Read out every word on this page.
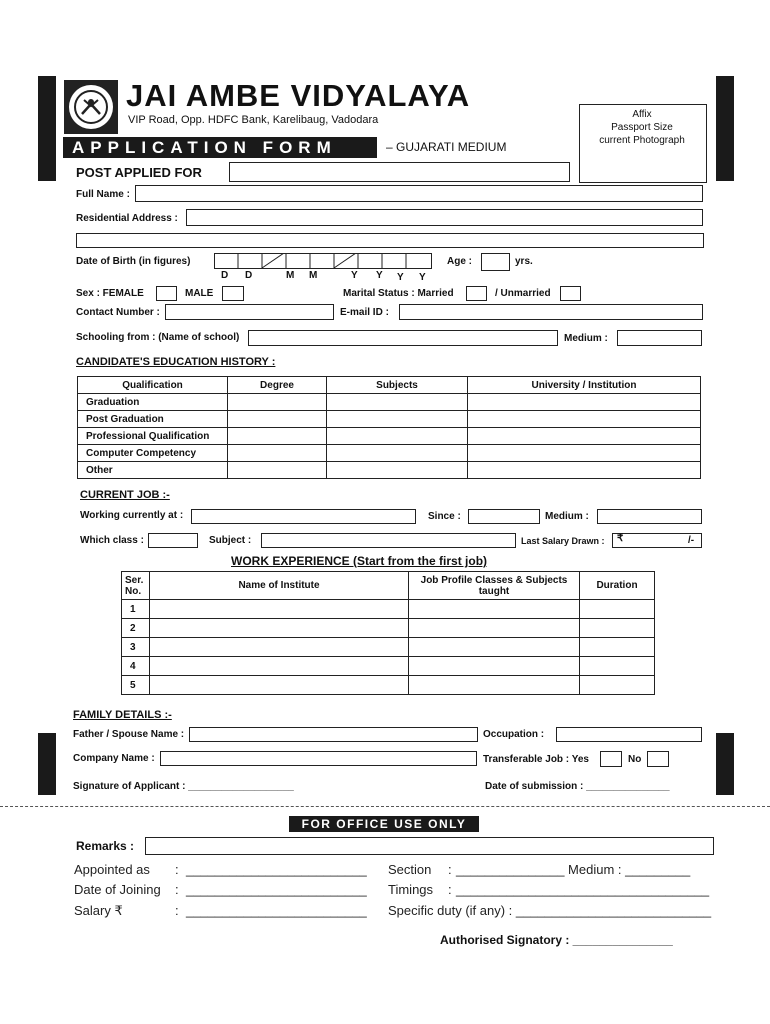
JAI AMBE VIDYALAYA
VIP Road, Opp. HDFC Bank, Karelibaug, Vadodara
APPLICATION FORM	– GUJARATI MEDIUM
Affix
Passport Size
current Photograph
POST APPLIED FOR
Full Name :
Residential Address :
Date of Birth (in figures)
D D	M M	Y Y Y Y
Age :	yrs.
Sex : FEMALE	MALE	Marital Status : Married	/ Unmarried
Contact Number :	E-mail ID :
Schooling from : (Name of school)	Medium :
CANDIDATE'S EDUCATION HISTORY :
Qualification	Degree	Subjects	University / Institution
Graduation			
Post Graduation			
Professional Qualification			
Computer Competency			
Other			
CURRENT JOB :-
Working currently at :	Since :	Medium :
Which class :	Subject :	Last Salary Drawn : ₹	/-
WORK EXPERIENCE (Start from the first job)
Ser. No.	Name of Institute	Job Profile Classes & Subjects taught	Duration
1			
2			
3			
4			
5			
FAMILY DETAILS :-
Father / Spouse Name :	Occupation :
Company Name :	Transferable Job : Yes	No
Signature of Applicant : ___________________	Date of submission : _______________
FOR OFFICE USE ONLY
Remarks :
Appointed as : _________________________ Section : _______________ Medium : _________
Date of Joining : _________________________ Timings : ___________________________________
Salary ₹	: _________________________ Specific duty (if any) : ___________________________
Authorised Signatory : _______________
